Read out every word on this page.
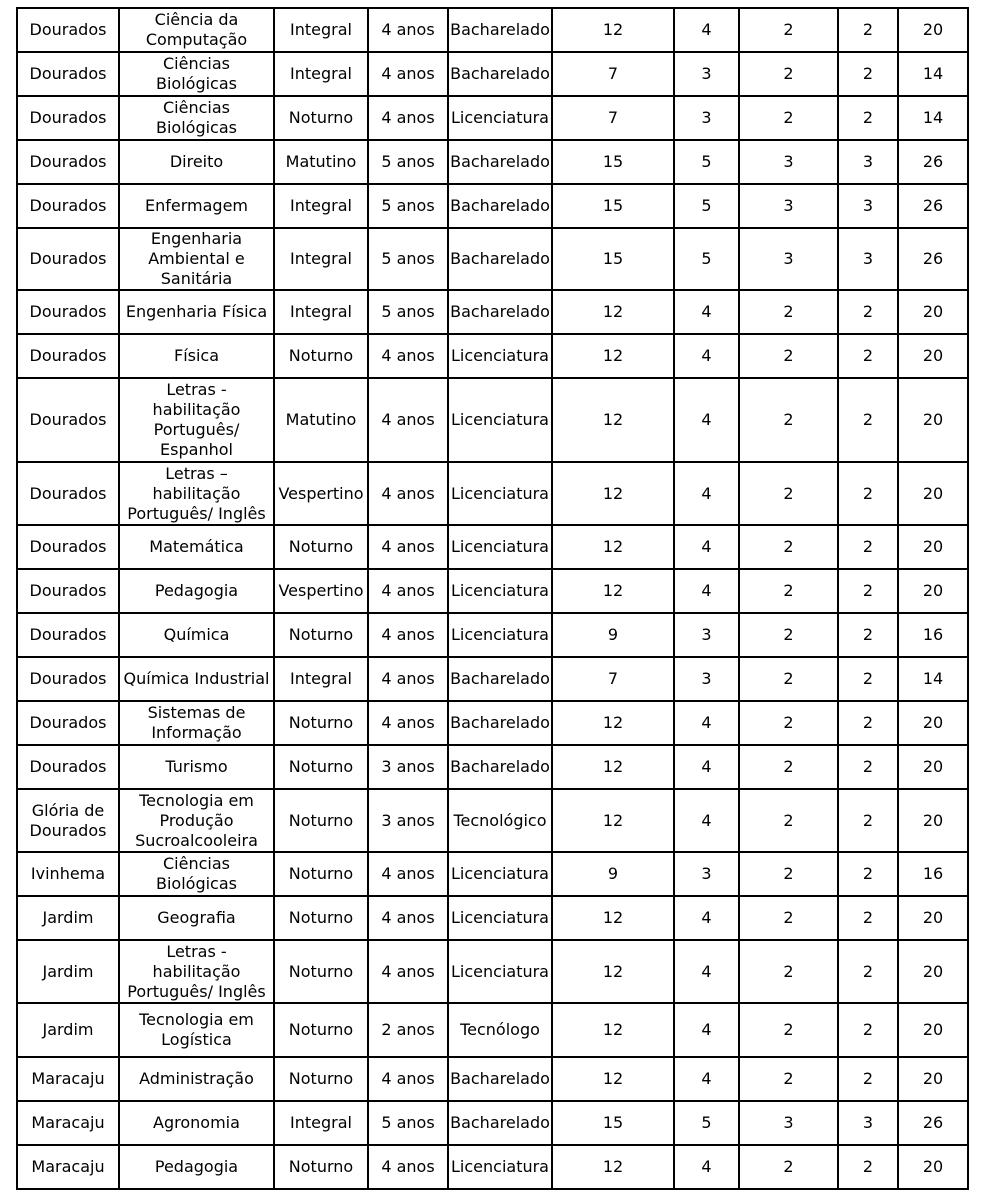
Dourados	Ciência da Computação	Integral	4 anos	Bacharelado	12	4	2	2	20
Dourados	Ciências Biológicas	Integral	4 anos	Bacharelado	7	3	2	2	14
Dourados	Ciências Biológicas	Noturno	4 anos	Licenciatura	7	3	2	2	14
Dourados	Direito	Matutino	5 anos	Bacharelado	15	5	3	3	26
Dourados	Enfermagem	Integral	5 anos	Bacharelado	15	5	3	3	26
Dourados	Engenharia Ambiental e Sanitária	Integral	5 anos	Bacharelado	15	5	3	3	26
Dourados	Engenharia Física	Integral	5 anos	Bacharelado	12	4	2	2	20
Dourados	Física	Noturno	4 anos	Licenciatura	12	4	2	2	20
Dourados	Letras - habilitação Português/ Espanhol	Matutino	4 anos	Licenciatura	12	4	2	2	20
Dourados	Letras – habilitação Português/ Inglês	Vespertino	4 anos	Licenciatura	12	4	2	2	20
Dourados	Matemática	Noturno	4 anos	Licenciatura	12	4	2	2	20
Dourados	Pedagogia	Vespertino	4 anos	Licenciatura	12	4	2	2	20
Dourados	Química	Noturno	4 anos	Licenciatura	9	3	2	2	16
Dourados	Química Industrial	Integral	4 anos	Bacharelado	7	3	2	2	14
Dourados	Sistemas de Informação	Noturno	4 anos	Bacharelado	12	4	2	2	20
Dourados	Turismo	Noturno	3 anos	Bacharelado	12	4	2	2	20
Glória de Dourados	Tecnologia em Produção Sucroalcooleira	Noturno	3 anos	Tecnológico	12	4	2	2	20
Ivinhema	Ciências Biológicas	Noturno	4 anos	Licenciatura	9	3	2	2	16
Jardim	Geografia	Noturno	4 anos	Licenciatura	12	4	2	2	20
Jardim	Letras - habilitação Português/ Inglês	Noturno	4 anos	Licenciatura	12	4	2	2	20
Jardim	Tecnologia em Logística	Noturno	2 anos	Tecnólogo	12	4	2	2	20
Maracaju	Administração	Noturno	4 anos	Bacharelado	12	4	2	2	20
Maracaju	Agronomia	Integral	5 anos	Bacharelado	15	5	3	3	26
Maracaju	Pedagogia	Noturno	4 anos	Licenciatura	12	4	2	2	20
